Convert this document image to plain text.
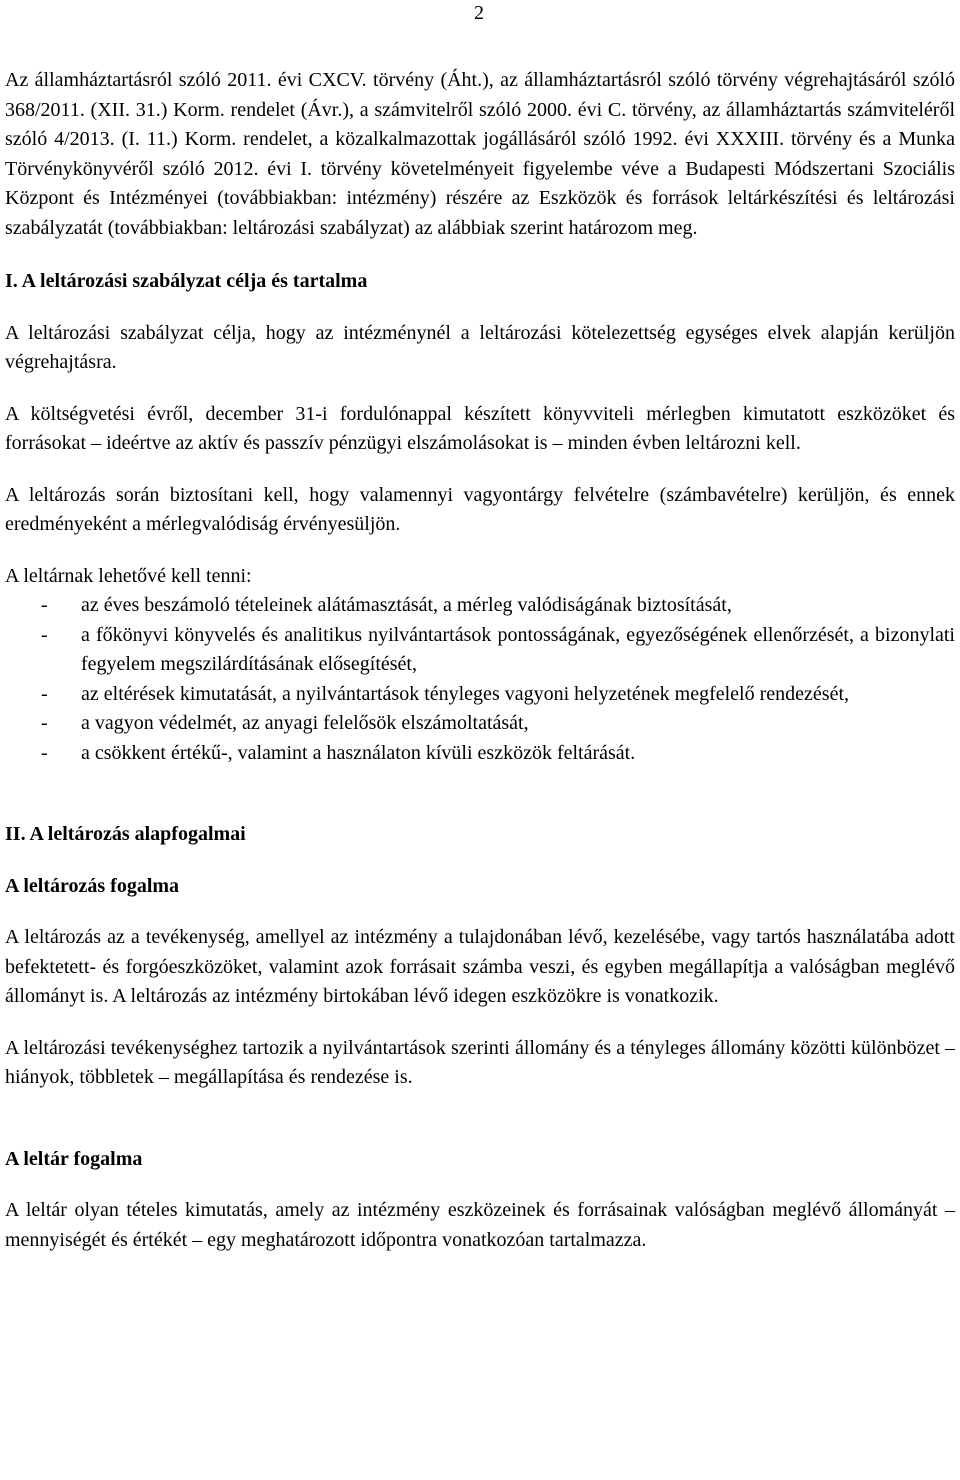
2

Az államháztartásról szóló 2011. évi CXCV. törvény (Áht.), az államháztartásról szóló törvény végrehajtásáról szóló 368/2011. (XII. 31.) Korm. rendelet (Ávr.), a számvitelről szóló 2000. évi C. törvény, az államháztartás számviteléről szóló 4/2013. (I. 11.) Korm. rendelet, a közalkalmazottak jogállásáról szóló 1992. évi XXXIII. törvény és a Munka Törvénykönyvéről szóló 2012. évi I. törvény követelményeit figyelembe véve a Budapesti Módszertani Szociális Központ és Intézményei (továbbiakban: intézmény) részére az Eszközök és források leltárkészítési és leltározási szabályzatát (továbbiakban: leltározási szabályzat) az alábbiak szerint határozom meg.

I. A leltározási szabályzat célja és tartalma

A leltározási szabályzat célja, hogy az intézménynél a leltározási kötelezettség egységes elvek alapján kerüljön végrehajtásra.

A költségvetési évről, december 31-i fordulónappal készített könyvviteli mérlegben kimutatott eszközöket és forrásokat – ideértve az aktív és passzív pénzügyi elszámolásokat is – minden évben leltározni kell.

A leltározás során biztosítani kell, hogy valamennyi vagyontárgy felvételre (számbavételre) kerüljön, és ennek eredményeként a mérlegvalódiság érvényesüljön.

A leltárnak lehetővé kell tenni:

-	az éves beszámoló tételeinek alátámasztását, a mérleg valódiságának biztosítását,
-	a főkönyvi könyvelés és analitikus nyilvántartások pontosságának, egyezőségének ellenőrzését, a bizonylati fegyelem megszilárdításának elősegítését,
-	az eltérések kimutatását, a nyilvántartások tényleges vagyoni helyzetének megfelelő rendezését,
-	a vagyon védelmét, az anyagi felelősök elszámoltatását,
-	a csökkent értékű-, valamint a használaton kívüli eszközök feltárását.

II. A leltározás alapfogalmai

A leltározás fogalma

A leltározás az a tevékenység, amellyel az intézmény a tulajdonában lévő, kezelésébe, vagy tartós használatába adott befektetett- és forgóeszközöket, valamint azok forrásait számba veszi, és egyben megállapítja a valóságban meglévő állományt is. A leltározás az intézmény birtokában lévő idegen eszközökre is vonatkozik.

A leltározási tevékenységhez tartozik a nyilvántartások szerinti állomány és a tényleges állomány közötti különbözet – hiányok, többletek – megállapítása és rendezése is.

A leltár fogalma

A leltár olyan tételes kimutatás, amely az intézmény eszközeinek és forrásainak valóságban meglévő állományát – mennyiségét és értékét – egy meghatározott időpontra vonatkozóan tartalmazza.
